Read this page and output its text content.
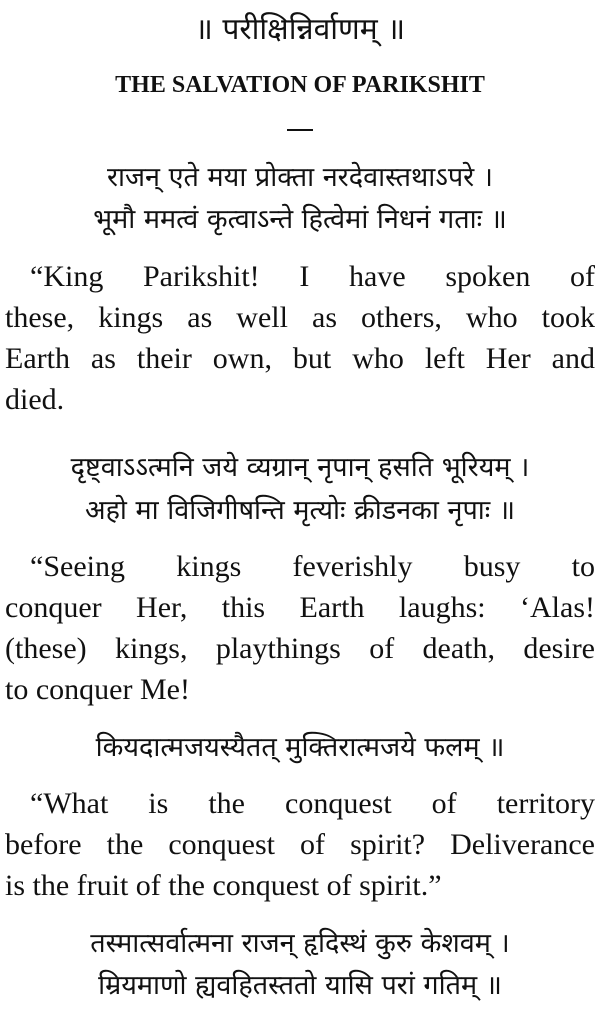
॥ परीक्षिन्निर्वाणम् ॥
THE SALVATION OF PARIKSHIT
राजन् एते मया प्रोक्ता नरदेवास्तथाऽपरे ।
भूमौ ममत्वं कृत्वाऽन्ते हित्वेमां निधनं गताः ॥
“King Parikshit! I have spoken of
these, kings as well as others, who took
Earth as their own, but who left Her and
died.
दृष्ट्वाऽऽत्मनि जये व्यग्रान् नृपान् हसति भूरियम् ।
अहो मा विजिगीषन्ति मृत्योः क्रीडनका नृपाः ॥
“Seeing kings feverishly busy to
conquer Her, this Earth laughs: ‘Alas!
(these) kings, playthings of death, desire
to conquer Me!
कियदात्मजयस्यैतत् मुक्तिरात्मजये फलम् ॥
“What is the conquest of territory
before the conquest of spirit? Deliverance
is the fruit of the conquest of spirit.”
तस्मात्सर्वात्मना राजन् हृदिस्थं कुरु केशवम् ।
म्रियमाणो ह्यवहितस्ततो यासि परां गतिम् ॥
